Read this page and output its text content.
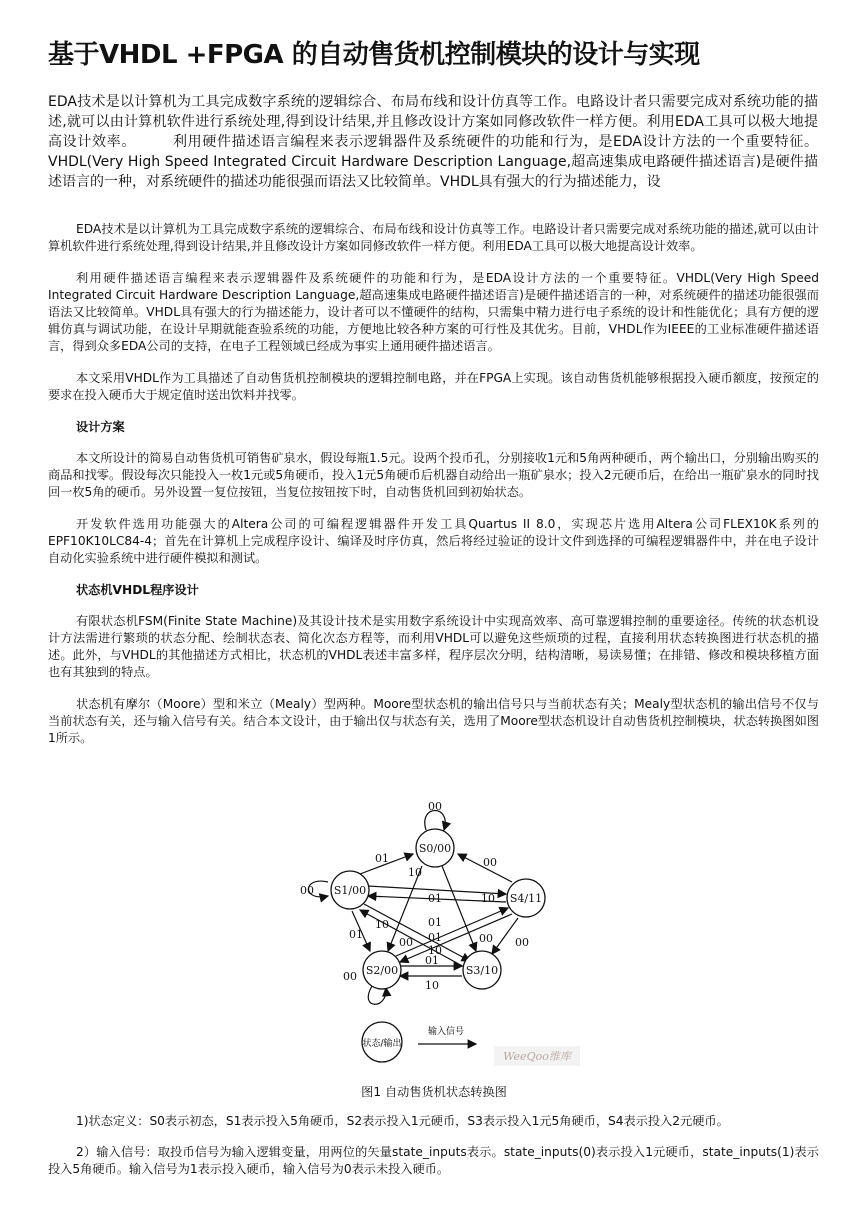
基于VHDL +FPGA 的自动售货机控制模块的设计与实现

EDA技术是以计算机为工具完成数字系统的逻辑综合、布局布线和设计仿真等工作。电路设计者只需要完成对系统功能的描述,就可以由计算机软件进行系统处理,得到设计结果,并且修改设计方案如同修改软件一样方便。利用EDA工具可以极大地提高设计效率。　　　利用硬件描述语言编程来表示逻辑器件及系统硬件的功能和行为，是EDA设计方法的一个重要特征。VHDL(Very High Speed Integrated Circuit Hardware Description Language,超高速集成电路硬件描述语言)是硬件描述语言的一种，对系统硬件的描述功能很强而语法又比较简单。VHDL具有强大的行为描述能力，设

EDA技术是以计算机为工具完成数字系统的逻辑综合、布局布线和设计仿真等工作。电路设计者只需要完成对系统功能的描述,就可以由计算机软件进行系统处理,得到设计结果,并且修改设计方案如同修改软件一样方便。利用EDA工具可以极大地提高设计效率。

利用硬件描述语言编程来表示逻辑器件及系统硬件的功能和行为，是EDA设计方法的一个重要特征。VHDL(Very High Speed Integrated Circuit Hardware Description Language,超高速集成电路硬件描述语言)是硬件描述语言的一种，对系统硬件的描述功能很强而语法又比较简单。VHDL具有强大的行为描述能力，设计者可以不懂硬件的结构，只需集中精力进行电子系统的设计和性能优化；具有方便的逻辑仿真与调试功能，在设计早期就能查验系统的功能，方便地比较各种方案的可行性及其优劣。目前，VHDL作为IEEE的工业标准硬件描述语言，得到众多EDA公司的支持，在电子工程领域已经成为事实上通用硬件描述语言。

本文采用VHDL作为工具描述了自动售货机控制模块的逻辑控制电路，并在FPGA上实现。该自动售货机能够根据投入硬币额度，按预定的要求在投入硬币大于规定值时送出饮料并找零。

设计方案

本文所设计的简易自动售货机可销售矿泉水，假设每瓶1.5元。设两个投币孔，分别接收1元和5角两种硬币，两个输出口，分别输出购买的商品和找零。假设每次只能投入一枚1元或5角硬币，投入1元5角硬币后机器自动给出一瓶矿泉水；投入2元硬币后，在给出一瓶矿泉水的同时找回一枚5角的硬币。另外设置一复位按钮，当复位按钮按下时，自动售货机回到初始状态。

开发软件选用功能强大的Altera公司的可编程逻辑器件开发工具Quartus II 8.0，实现芯片选用Altera公司FLEX10K系列的EPF10K10LC84-4；首先在计算机上完成程序设计、编译及时序仿真，然后将经过验证的设计文件到选择的可编程逻辑器件中，并在电子设计自动化实验系统中进行硬件模拟和测试。

状态机VHDL程序设计

有限状态机FSM(Finite State Machine)及其设计技术是实用数字系统设计中实现高效率、高可靠逻辑控制的重要途径。传统的状态机设计方法需进行繁琐的状态分配、绘制状态表、简化次态方程等，而利用VHDL可以避免这些烦琐的过程，直接利用状态转换图进行状态机的描述。此外，与VHDL的其他描述方式相比，状态机的VHDL表述丰富多样，程序层次分明，结构清晰，易读易懂；在排错、修改和模块移植方面也有其独到的特点。

状态机有摩尔（Moore）型和米立（Mealy）型两种。Moore型状态机的输出信号只与当前状态有关；Mealy型状态机的输出信号不仅与当前状态有关，还与输入信号有关。结合本文设计，由于输出仅与状态有关，选用了Moore型状态机设计自动售货机控制模块，状态转换图如图1所示。

S0/00
S1/00
S2/00	S3/10
S4/11
00
01	00
10
00
01
01
10
10
01
01
10
00
01
00
10
00	00
状态/输出
输入信号
WeeQoo维库
图1 自动售货机状态转换图

1)状态定义：S0表示初态，S1表示投入5角硬币，S2表示投入1元硬币，S3表示投入1元5角硬币，S4表示投入2元硬币。

2）输入信号：取投币信号为输入逻辑变量，用两位的矢量state_inputs表示。state_inputs(0)表示投入1元硬币，state_inputs(1)表示投入5角硬币。输入信号为1表示投入硬币，输入信号为0表示未投入硬币。
